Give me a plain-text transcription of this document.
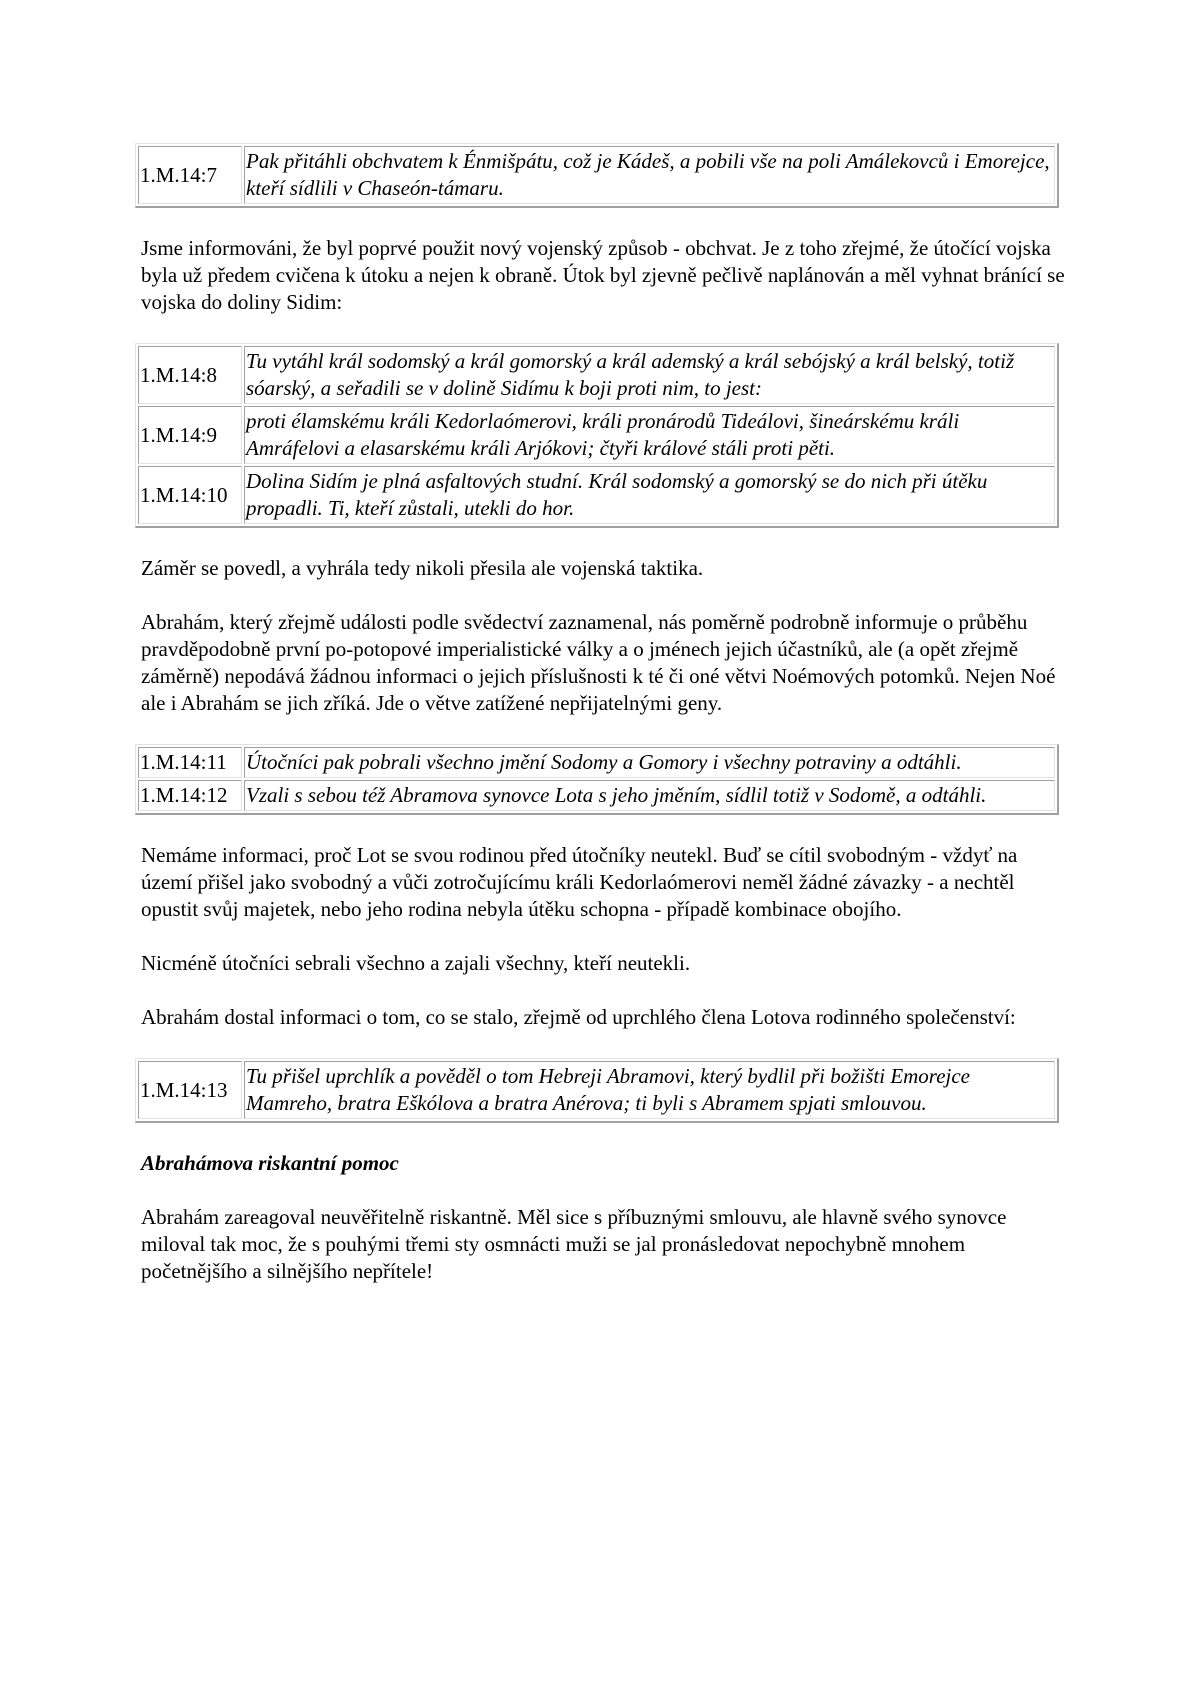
1.M.14:7	Pak přitáhli obchvatem k Énmišpátu, což je Kádeš, a pobili vše na poli Amálekovců i Emorejce, kteří sídlili v Chaseón-támaru.

Jsme informováni, že byl poprvé použit nový vojenský způsob - obchvat. Je z toho zřejmé, že útočící vojska byla už předem cvičena k útoku a nejen k obraně. Útok byl zjevně pečlivě naplánován a měl vyhnat bránící se vojska do doliny Sidim:

1.M.14:8	Tu vytáhl král sodomský a král gomorský a král ademský a král sebójský a král belský, totiž sóarský, a seřadili se v dolině Sidímu k boji proti nim, to jest:
1.M.14:9	proti élamskému králi Kedorlaómerovi, králi pronárodů Tideálovi, šineárskému králi Amráfelovi a elasarskému králi Arjókovi; čtyři králové stáli proti pěti.
1.M.14:10	Dolina Sidím je plná asfaltových studní. Král sodomský a gomorský se do nich při útěku propadli. Ti, kteří zůstali, utekli do hor.

Záměr se povedl, a vyhrála tedy nikoli přesila ale vojenská taktika.

Abrahám, který zřejmě události podle svědectví zaznamenal, nás poměrně podrobně informuje o průběhu pravděpodobně první po-potopové imperialistické války a o jménech jejich účastníků, ale (a opět zřejmě záměrně) nepodává žádnou informaci o jejich příslušnosti k té či oné větvi Noémových potomků. Nejen Noé ale i Abrahám se jich zříká. Jde o větve zatížené nepřijatelnými geny.

1.M.14:11	Útočníci pak pobrali všechno jmění Sodomy a Gomory i všechny potraviny a odtáhli.
1.M.14:12	Vzali s sebou též Abramova synovce Lota s jeho jměním, sídlil totiž v Sodomě, a odtáhli.

Nemáme informaci, proč Lot se svou rodinou před útočníky neutekl. Buď se cítil svobodným - vždyť na území přišel jako svobodný a vůči zotročujícímu králi Kedorlaómerovi neměl žádné závazky - a nechtěl opustit svůj majetek, nebo jeho rodina nebyla útěku schopna - případě kombinace obojího.

Nicméně útočníci sebrali všechno a zajali všechny, kteří neutekli.

Abrahám dostal informaci o tom, co se stalo, zřejmě od uprchlého člena Lotova rodinného společenství:

1.M.14:13	Tu přišel uprchlík a pověděl o tom Hebreji Abramovi, který bydlil při božišti Emorejce Mamreho, bratra Eškólova a bratra Anérova; ti byli s Abramem spjati smlouvou.

Abrahámova riskantní pomoc

Abrahám zareagoval neuvěřitelně riskantně. Měl sice s příbuznými smlouvu, ale hlavně svého synovce miloval tak moc, že s pouhými třemi sty osmnácti muži se jal pronásledovat nepochybně mnohem početnějšího a silnějšího nepřítele!
